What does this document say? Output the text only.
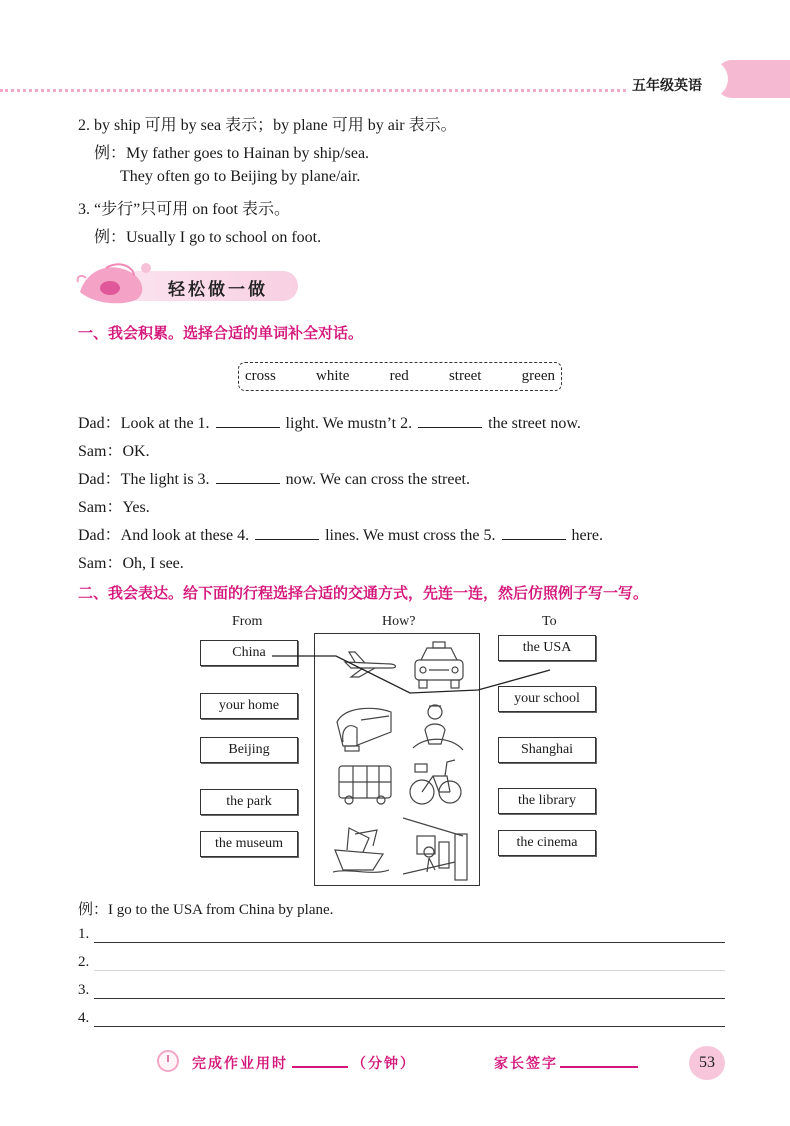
五年级英语
2. by ship 可用 by sea 表示；by plane 可用 by air 表示。
例：My father goes to Hainan by ship/sea.
They often go to Beijing by plane/air.
3. “步行”只可用 on foot 表示。
例：Usually I go to school on foot.
轻松做一做
一、我会积累。选择合适的单词补全对话。
cross	white	red	street	green
Dad：Look at the 1.	light. We mustn’t 2.	the street now.
Sam：OK.
Dad：The light is 3.	now. We can cross the street.
Sam：Yes.
Dad：And look at these 4.	lines. We must cross the 5.	here.
Sam：Oh, I see.
二、我会表达。给下面的行程选择合适的交通方式，先连一连，然后仿照例子写一写。
From	How?	To
China
your home
Beijing
the park
the museum
the USA
your school
Shanghai
the library
the cinema
例：I go to the USA from China by plane.
1.
2.
3.
4.
完成作业用时	（分钟）	家长签字	53
